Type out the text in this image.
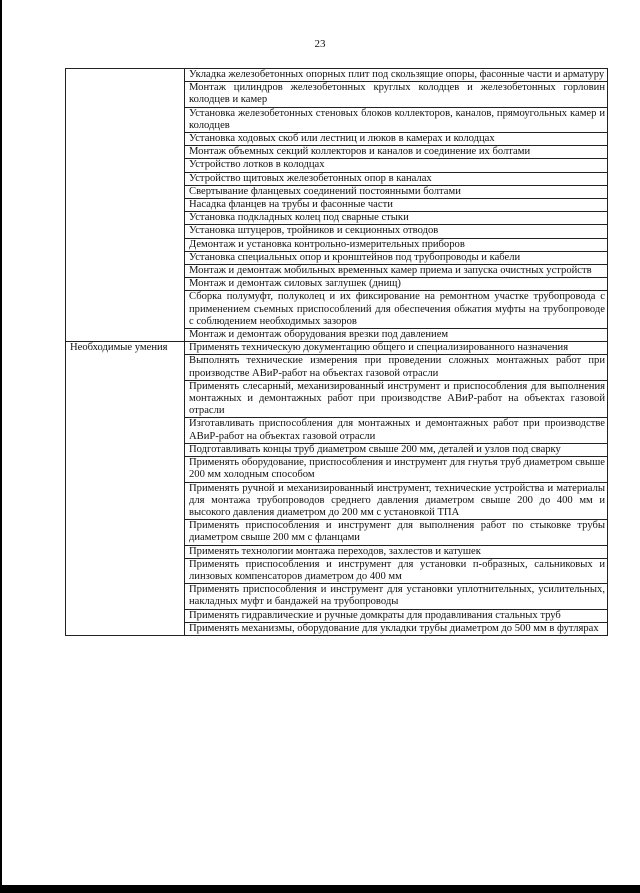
23
	Укладка железобетонных опорных плит под скользящие опоры, фасонные части и арматуру
	Монтаж цилиндров железобетонных круглых колодцев и железобетонных горловин колодцев и камер
	Установка железобетонных стеновых блоков коллекторов, каналов, прямоугольных камер и колодцев
	Установка ходовых скоб или лестниц и люков в камерах и колодцах
	Монтаж объемных секций коллекторов и каналов и соединение их болтами
	Устройство лотков в колодцах
	Устройство щитовых железобетонных опор в каналах
	Свертывание фланцевых соединений постоянными болтами
	Насадка фланцев на трубы и фасонные части
	Установка подкладных колец под сварные стыки
	Установка штуцеров, тройников и секционных отводов
	Демонтаж и установка контрольно-измерительных приборов
	Установка специальных опор и кронштейнов под трубопроводы и кабели
	Монтаж и демонтаж мобильных временных камер приема и запуска очистных устройств
	Монтаж и демонтаж силовых заглушек (днищ)
	Сборка полумуфт, полуколец и их фиксирование на ремонтном участке трубопровода с применением съемных приспособлений для обеспечения обжатия муфты на трубопроводе с соблюдением необходимых зазоров
	Монтаж и демонтаж оборудования врезки под давлением
Необходимые умения	Применять техническую документацию общего и специализированного назначения
	Выполнять технические измерения при проведении сложных монтажных работ при производстве АВиР-работ на объектах газовой отрасли
	Применять слесарный, механизированный инструмент и приспособления для выполнения монтажных и демонтажных работ при производстве АВиР-работ на объектах газовой отрасли
	Изготавливать приспособления для монтажных и демонтажных работ при производстве АВиР-работ на объектах газовой отрасли
	Подготавливать концы труб диаметром свыше 200 мм, деталей и узлов под сварку
	Применять оборудование, приспособления и инструмент для гнутья труб диаметром свыше 200 мм холодным способом
	Применять ручной и механизированный инструмент, технические устройства и материалы для монтажа трубопроводов среднего давления диаметром свыше 200 до 400 мм и высокого давления диаметром до 200 мм с установкой ТПА
	Применять приспособления и инструмент для выполнения работ по стыковке трубы диаметром свыше 200 мм с фланцами
	Применять технологии монтажа переходов, захлестов и катушек
	Применять приспособления и инструмент для установки п-образных, сальниковых и линзовых компенсаторов диаметром до 400 мм
	Применять приспособления и инструмент для установки уплотнительных, усилительных, накладных муфт и бандажей на трубопроводы
	Применять гидравлические и ручные домкраты для продавливания стальных труб
	Применять механизмы, оборудование для укладки трубы диаметром до 500 мм в футлярах
